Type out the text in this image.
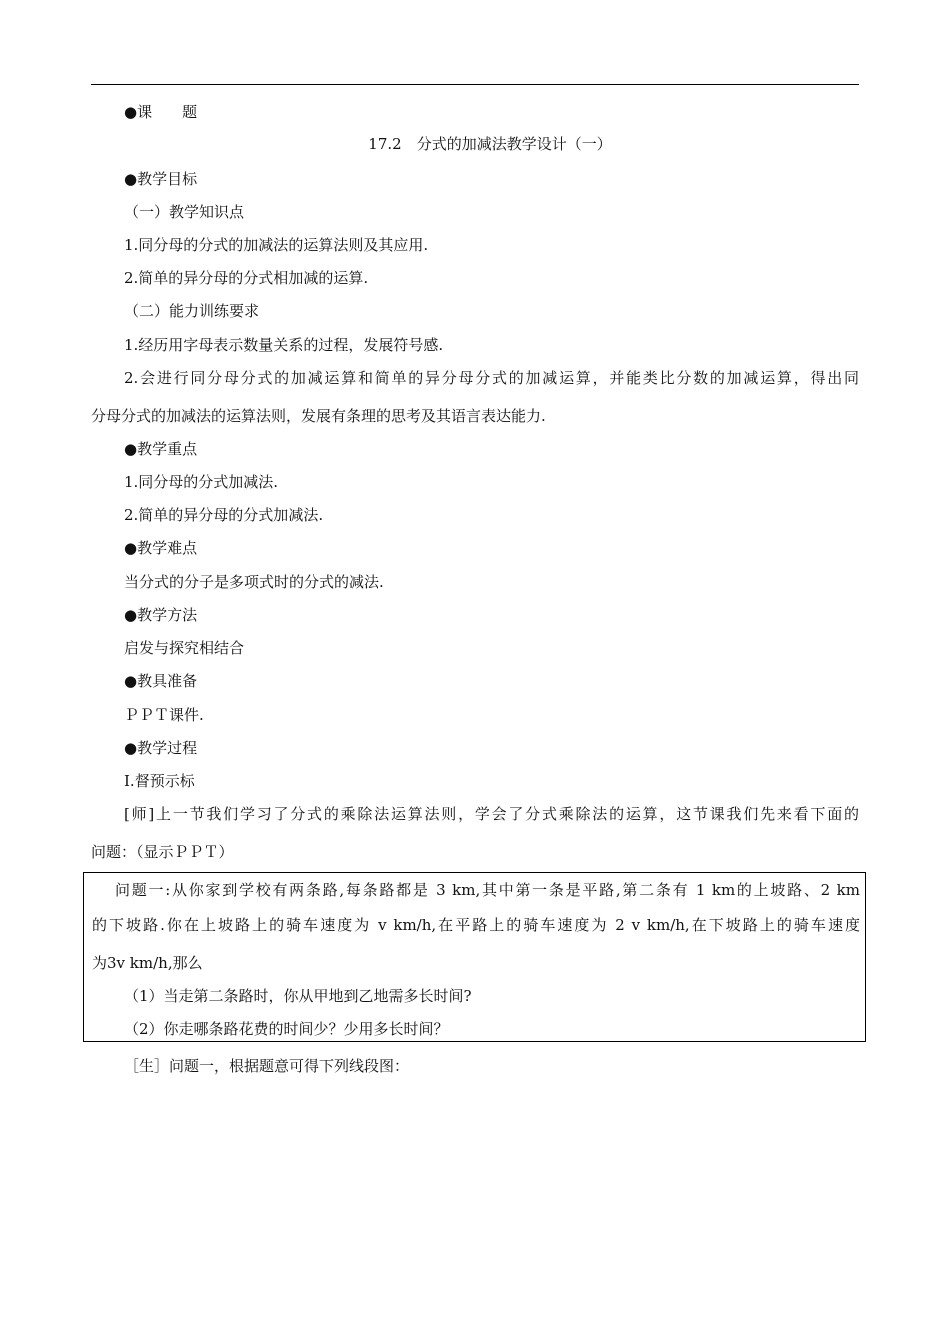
●课　　题
17.2　分式的加减法教学设计（一）
●教学目标
（一）教学知识点
1.同分母的分式的加减法的运算法则及其应用.
2.简单的异分母的分式相加减的运算.
（二）能力训练要求
1.经历用字母表示数量关系的过程，发展符号感.
2.会进行同分母分式的加减运算和简单的异分母分式的加减运算，并能类比分数的加减运算，得出同
分母分式的加减法的运算法则，发展有条理的思考及其语言表达能力.
●教学重点
1.同分母的分式加减法.
2.简单的异分母的分式加减法.
●教学难点
当分式的分子是多项式时的分式的减法.
●教学方法
启发与探究相结合
●教具准备
ＰＰＴ课件.
●教学过程
Ⅰ.督预示标
[师]上一节我们学习了分式的乘除法运算法则，学会了分式乘除法的运算，这节课我们先来看下面的
问题：（显示ＰＰＴ）
问题一:从你家到学校有两条路,每条路都是 3 km,其中第一条是平路,第二条有 1 km的上坡路、2 km
的下坡路.你在上坡路上的骑车速度为 v km/h,在平路上的骑车速度为 2 v km/h,在下坡路上的骑车速度
为3v km/h,那么
（1）当走第二条路时，你从甲地到乙地需多长时间?
（2）你走哪条路花费的时间少？少用多长时间？
［生］问题一，根据题意可得下列线段图：
